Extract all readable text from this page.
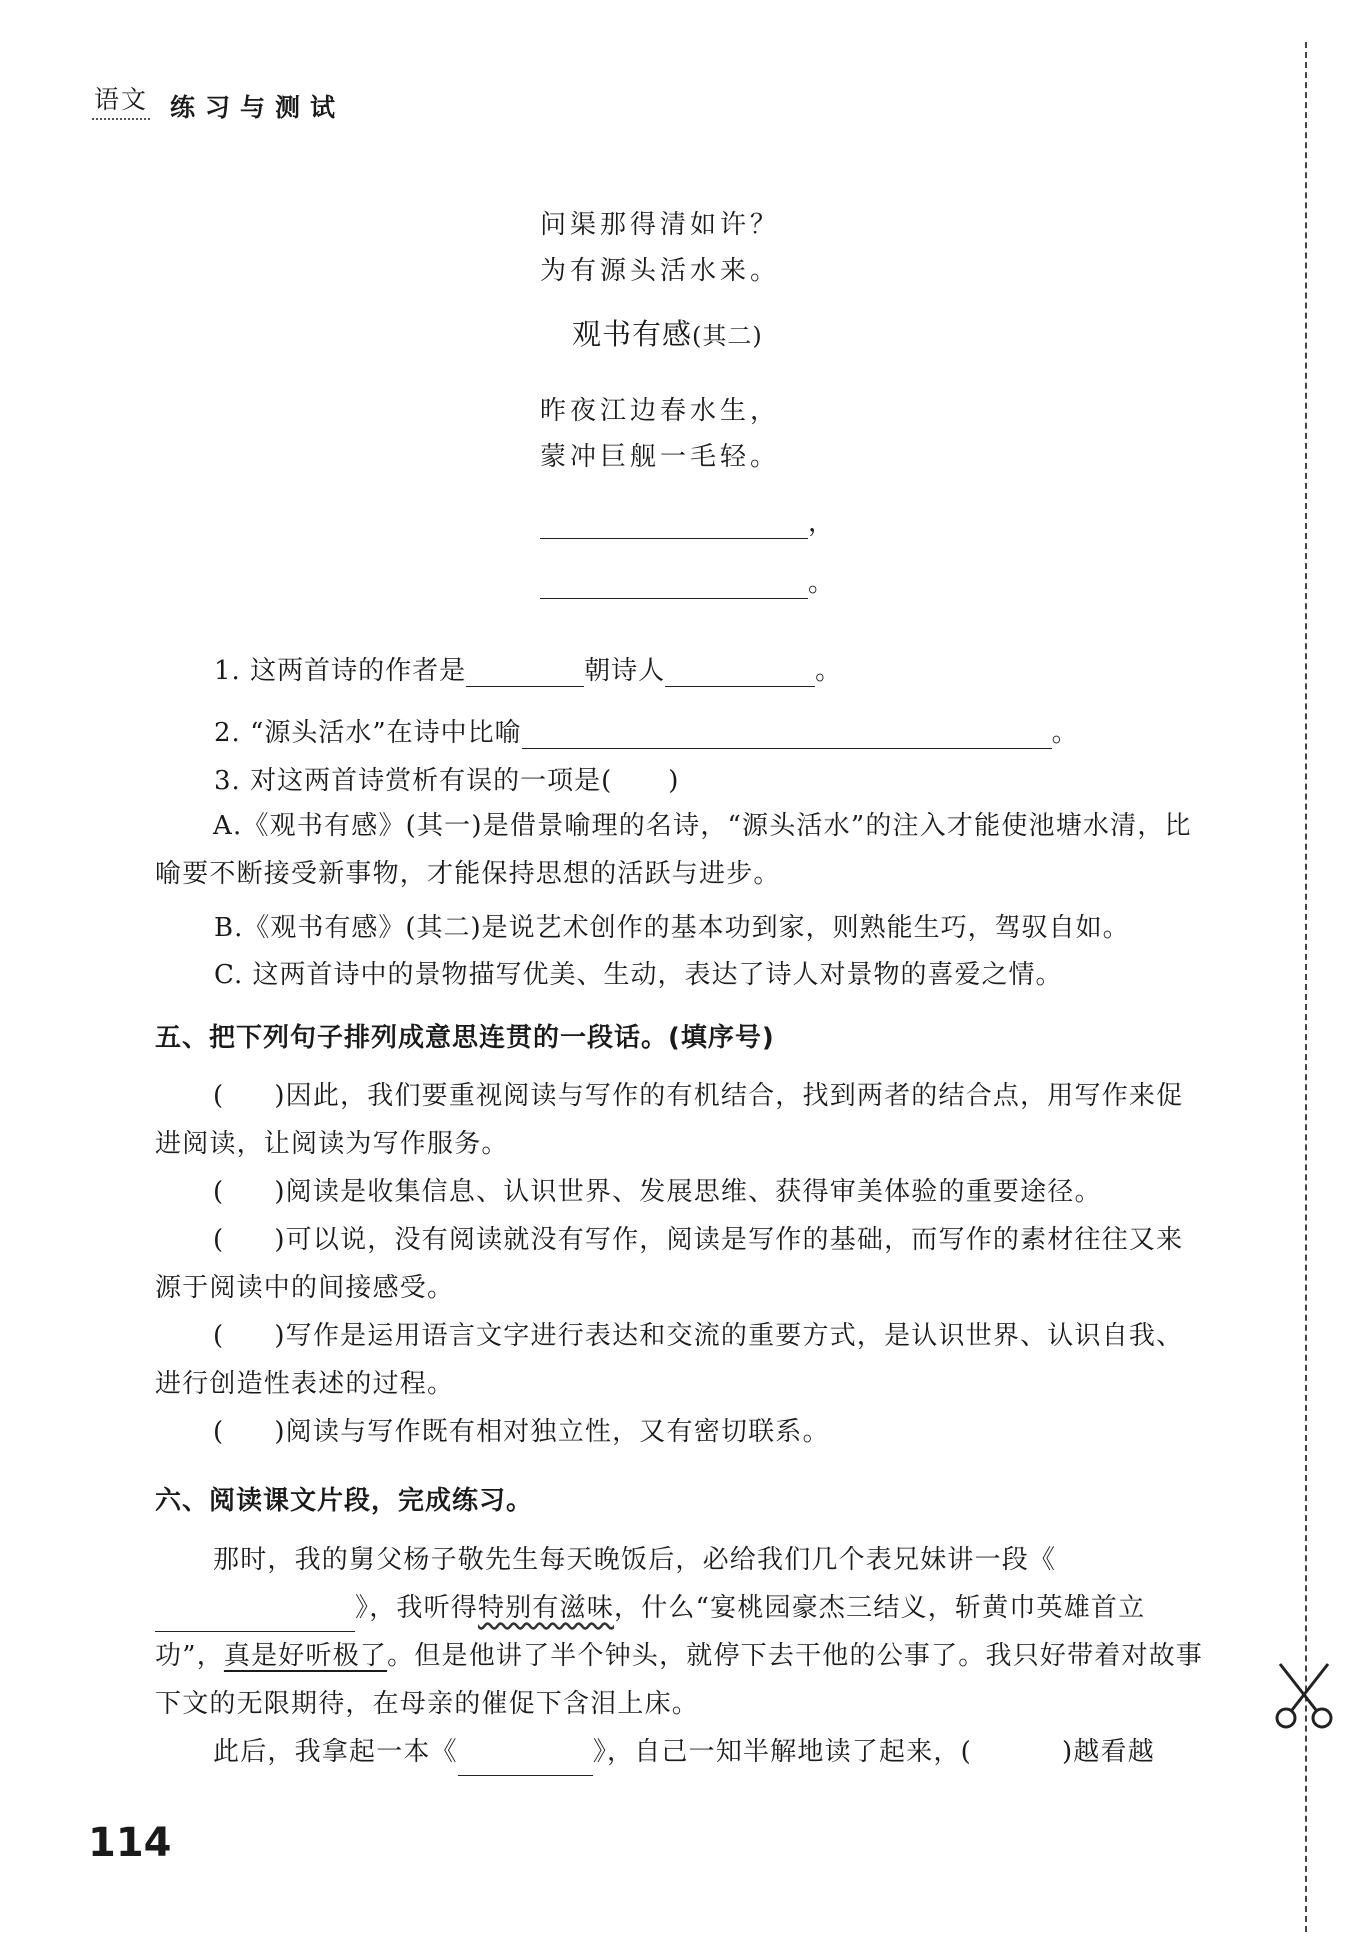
语文 练习与测试
问渠那得清如许？
为有源头活水来。
观书有感(其二)
昨夜江边春水生，
蒙冲巨舰一毛轻。
，
。
1. 这两首诗的作者是	朝诗人	。
2. “源头活水”在诗中比喻	。
3. 对这两首诗赏析有误的一项是( )
A.《观书有感》(其一)是借景喻理的名诗，“源头活水”的注入才能使池塘水清，比喻要不断接受新事物，才能保持思想的活跃与进步。
B.《观书有感》(其二)是说艺术创作的基本功到家，则熟能生巧，驾驭自如。
C. 这两首诗中的景物描写优美、生动，表达了诗人对景物的喜爱之情。
五、把下列句子排列成意思连贯的一段话。(填序号)
( )因此，我们要重视阅读与写作的有机结合，找到两者的结合点，用写作来促进阅读，让阅读为写作服务。
( )阅读是收集信息、认识世界、发展思维、获得审美体验的重要途径。
( )可以说，没有阅读就没有写作，阅读是写作的基础，而写作的素材往往又来源于阅读中的间接感受。
( )写作是运用语言文字进行表达和交流的重要方式，是认识世界、认识自我、进行创造性表述的过程。
( )阅读与写作既有相对独立性，又有密切联系。
六、阅读课文片段，完成练习。
那时，我的舅父杨子敬先生每天晚饭后，必给我们几个表兄妹讲一段《》，我听得特别有滋味，什么“宴桃园豪杰三结义，斩黄巾英雄首立功”，真是好听极了。但是他讲了半个钟头，就停下去干他的公事了。我只好带着对故事下文的无限期待，在母亲的催促下含泪上床。
此后，我拿起一本《	》，自己一知半解地读了起来，(	)越看越
114
